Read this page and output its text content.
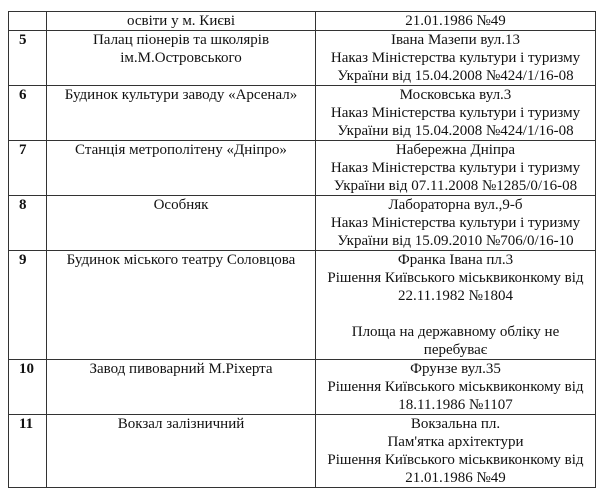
	освіти у м. Києві	21.01.1986 №49

5	Палац піонерів та школярів
ім.М.Островського	Івана Мазепи вул.13
Наказ Міністерства культури і туризму
України від 15.04.2008 №424/1/16-08

6	Будинок культури заводу «Арсенал»	Московська вул.3
Наказ Міністерства культури і туризму
України від 15.04.2008 №424/1/16-08

7	Станція метрополітену «Дніпро»	Набережна Дніпра
Наказ Міністерства культури і туризму
України від 07.11.2008 №1285/0/16-08

8	Особняк	Лабораторна вул.,9-б
Наказ Міністерства культури і туризму
України від 15.09.2010 №706/0/16-10

9	Будинок міського театру Соловцова	Франка Івана пл.3
Рішення Київського міськвиконкому від
22.11.1982 №1804
Площа на державному обліку не
перебуває

10	Завод пивоварний М.Ріхерта	Фрунзе вул.35
Рішення Київського міськвиконкому від
18.11.1986 №1107

11	Вокзал залізничний	Вокзальна пл.
Пам'ятка архітектури
Рішення Київського міськвиконкому від
21.01.1986 №49
